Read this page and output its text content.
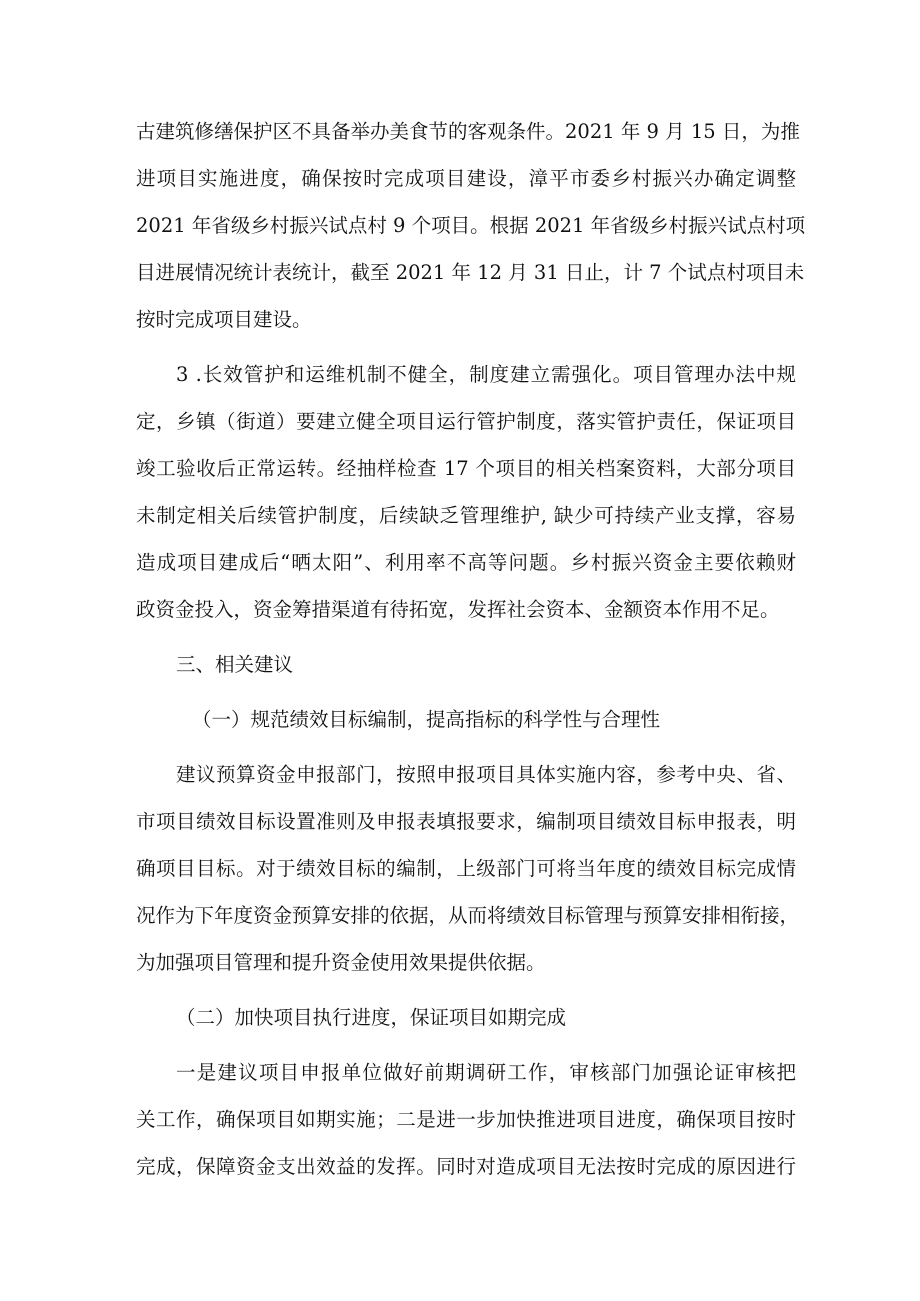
古建筑修缮保护区不具备举办美食节的客观条件。2021 年 9 月 15 日，为推
进项目实施进度，确保按时完成项目建设，漳平市委乡村振兴办确定调整
2021 年省级乡村振兴试点村 9 个项目。根据 2021 年省级乡村振兴试点村项
目进展情况统计表统计，截至 2021 年 12 月 31 日止，计 7 个试点村项目未
按时完成项目建设。
3 .长效管护和运维机制不健全，制度建立需强化。项目管理办法中规
定，乡镇（街道）要建立健全项目运行管护制度，落实管护责任，保证项目
竣工验收后正常运转。经抽样检查 17 个项目的相关档案资料，大部分项目
未制定相关后续管护制度，后续缺乏管理维护, 缺少可持续产业支撑，容易
造成项目建成后“晒太阳”、利用率不高等问题。乡村振兴资金主要依赖财
政资金投入，资金筹措渠道有待拓宽，发挥社会资本、金额资本作用不足。
三、相关建议
（一）规范绩效目标编制，提高指标的科学性与合理性
建议预算资金申报部门，按照申报项目具体实施内容，参考中央、省、
市项目绩效目标设置准则及申报表填报要求，编制项目绩效目标申报表，明
确项目目标。对于绩效目标的编制，上级部门可将当年度的绩效目标完成情
况作为下年度资金预算安排的依据，从而将绩效目标管理与预算安排相衔接，
为加强项目管理和提升资金使用效果提供依据。
（二）加快项目执行进度，保证项目如期完成
一是建议项目申报单位做好前期调研工作，审核部门加强论证审核把
关工作，确保项目如期实施；二是进一步加快推进项目进度，确保项目按时
完成，保障资金支出效益的发挥。同时对造成项目无法按时完成的原因进行
